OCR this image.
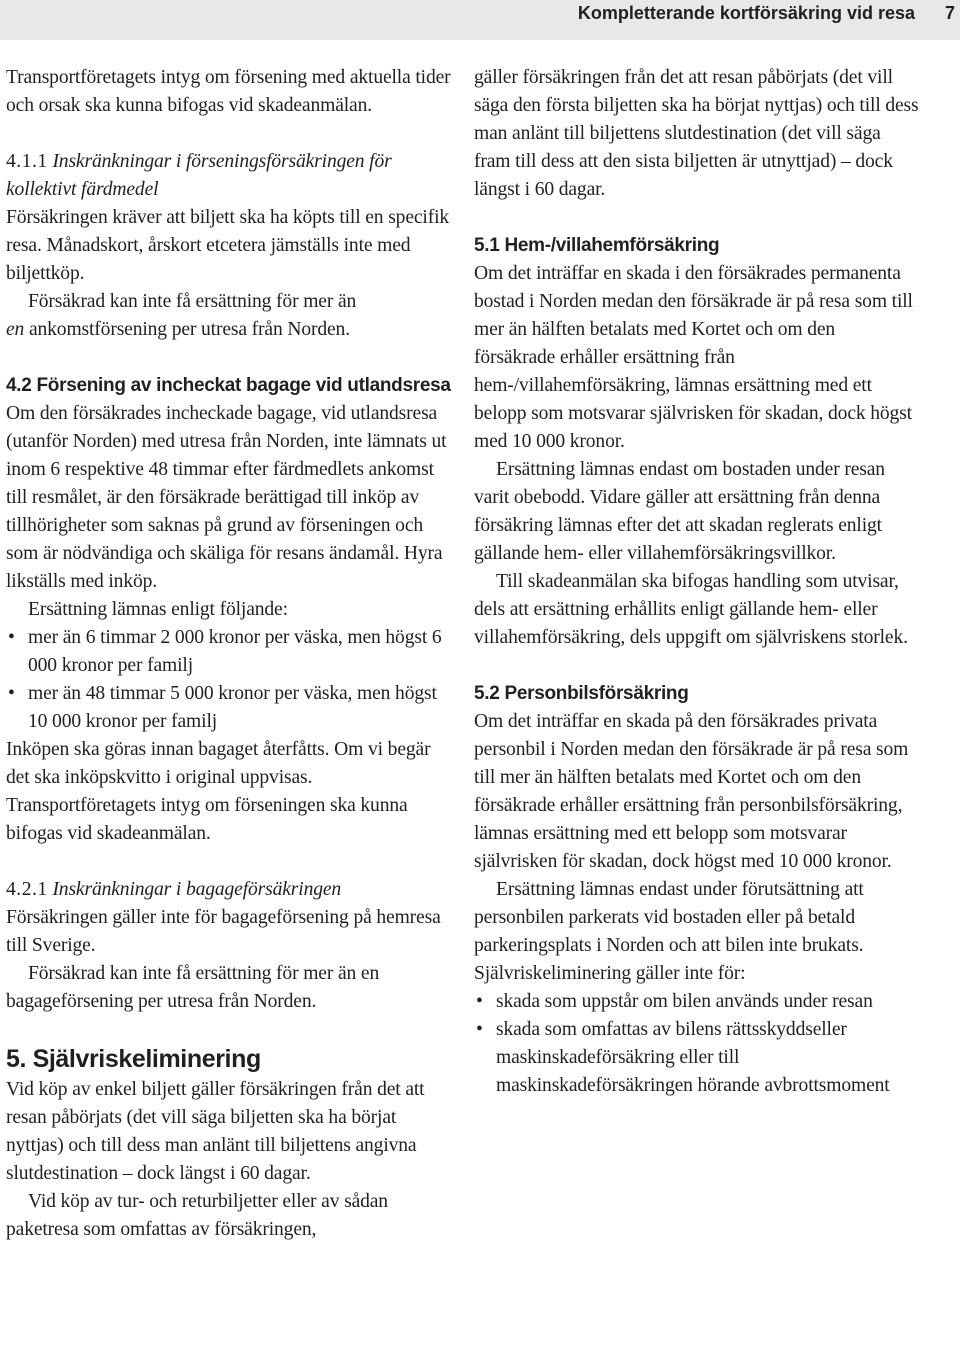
Kompletterande kortförsäkring vid resa 7

Transportföretagets intyg om försening med aktuella tider och orsak ska kunna bifogas vid skadeanmälan.

4.1.1 Inskränkningar i förseningsförsäkringen för kollektivt färdmedel

Försäkringen kräver att biljett ska ha köpts till en specifik resa. Månadskort, årskort etcetera jämställs inte med biljettköp.

Försäkrad kan inte få ersättning för mer än
en ankomstförsening per utresa från Norden.

4.2 Försening av incheckat bagage vid utlandsresa

Om den försäkrades incheckade bagage, vid utlandsresa (utanför Norden) med utresa från Norden, inte lämnats ut inom 6 respektive 48 timmar efter färdmedlets ankomst till resmålet, är den försäkrade berättigad till inköp av tillhörigheter som saknas på grund av förseningen och som är nödvändiga och skäliga för resans ändamål. Hyra likställs med inköp.

Ersättning lämnas enligt följande:

• mer än 6 timmar 2 000 kronor per väska, men högst 6 000 kronor per familj
• mer än 48 timmar 5 000 kronor per väska, men högst 10 000 kronor per familj

Inköpen ska göras innan bagaget återfåtts. Om vi begär det ska inköpskvitto i original uppvisas. Transportföretagets intyg om förseningen ska kunna bifogas vid skadeanmälan.

4.2.1 Inskränkningar i bagageförsäkringen

Försäkringen gäller inte för bagageförsening på hemresa till Sverige.

Försäkrad kan inte få ersättning för mer än en bagageförsening per utresa från Norden.

5. Självriskeliminering

Vid köp av enkel biljett gäller försäkringen från det att resan påbörjats (det vill säga biljetten ska ha börjat nyttjas) och till dess man anlänt till biljettens angivna slutdestination – dock längst i 60 dagar.

Vid köp av tur- och returbiljetter eller av sådan paketresa som omfattas av försäkringen,

gäller försäkringen från det att resan påbörjats (det vill säga den första biljetten ska ha börjat nyttjas) och till dess man anlänt till biljettens slutdestination (det vill säga fram till dess att den sista biljetten är utnyttjad) – dock längst i 60 dagar.

5.1 Hem-/villahemförsäkring

Om det inträffar en skada i den försäkrades permanenta bostad i Norden medan den försäkrade är på resa som till mer än hälften betalats med Kortet och om den försäkrade erhåller ersättning från hem-/villahemförsäkring, lämnas ersättning med ett belopp som motsvarar självrisken för skadan, dock högst med 10 000 kronor.

Ersättning lämnas endast om bostaden under resan varit obebodd. Vidare gäller att ersättning från denna försäkring lämnas efter det att skadan reglerats enligt gällande hem- eller villahemförsäkringsvillkor.

Till skadeanmälan ska bifogas handling som utvisar, dels att ersättning erhållits enligt gällande hem- eller villahemförsäkring, dels uppgift om självriskens storlek.

5.2 Personbilsförsäkring

Om det inträffar en skada på den försäkrades privata personbil i Norden medan den försäkrade är på resa som till mer än hälften betalats med Kortet och om den försäkrade erhåller ersättning från personbilsförsäkring, lämnas ersättning med ett belopp som motsvarar självrisken för skadan, dock högst med 10 000 kronor.

Ersättning lämnas endast under förutsättning att personbilen parkerats vid bostaden eller på betald parkeringsplats i Norden och att bilen inte brukats.

Självriskeliminering gäller inte för:

• skada som uppstår om bilen används under resan
• skada som omfattas av bilens rättsskyddseller maskinskadeförsäkring eller till maskinskadeförsäkringen hörande avbrottsmoment
